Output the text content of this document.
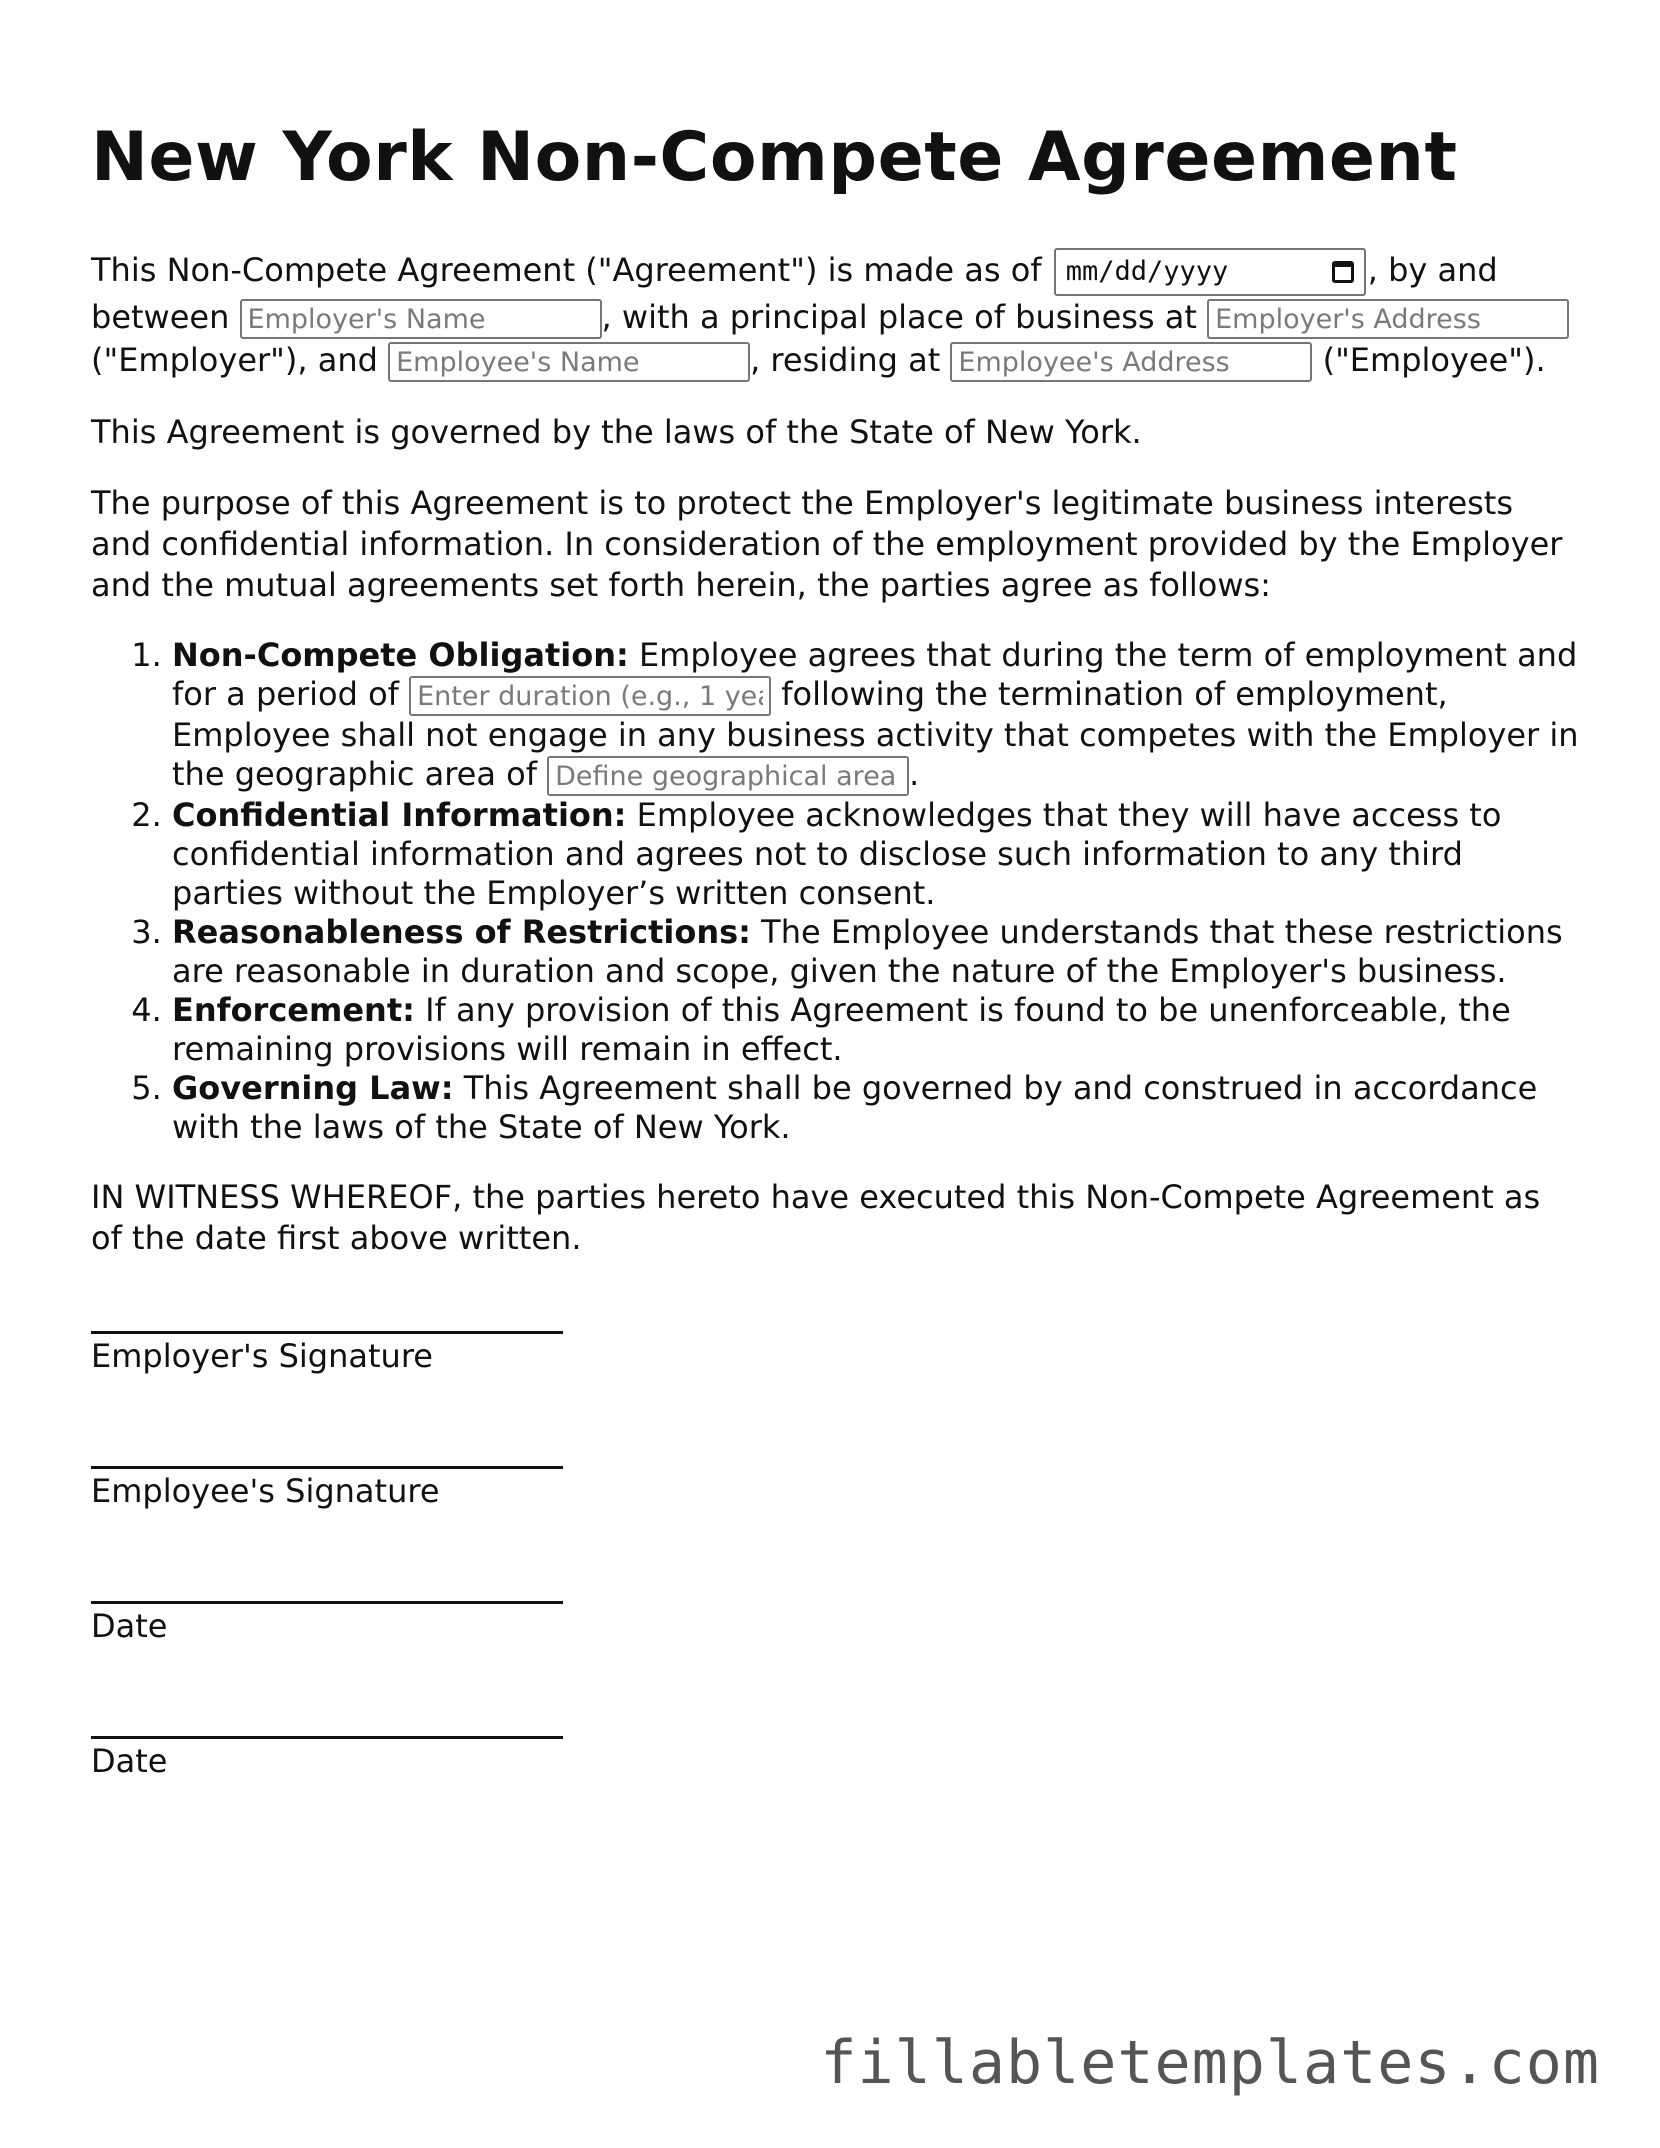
New York Non-Compete Agreement

This Non-Compete Agreement ("Agreement") is made as of mm/dd/yyyy	, by and between Employer's Name	, with a principal place of business at Employer's Address ("Employer"), and Employee's Name	, residing at Employee's Address	("Employee").

This Agreement is governed by the laws of the State of New York.

The purpose of this Agreement is to protect the Employer's legitimate business interests and confidential information. In consideration of the employment provided by the Employer and the mutual agreements set forth herein, the parties agree as follows:

1. Non-Compete Obligation: Employee agrees that during the term of employment and for a period of Enter duration (e.g., 1 year)	following the termination of employment, Employee shall not engage in any business activity that competes with the Employer in the geographic area of Define geographical area	.
2. Confidential Information: Employee acknowledges that they will have access to confidential information and agrees not to disclose such information to any third parties without the Employer’s written consent.
3. Reasonableness of Restrictions: The Employee understands that these restrictions are reasonable in duration and scope, given the nature of the Employer's business.
4. Enforcement: If any provision of this Agreement is found to be unenforceable, the remaining provisions will remain in effect.
5. Governing Law: This Agreement shall be governed by and construed in accordance with the laws of the State of New York.

IN WITNESS WHEREOF, the parties hereto have executed this Non-Compete Agreement as of the date first above written.

Employer's Signature
Employee's Signature
Date
Date
fillabletemplates.com
